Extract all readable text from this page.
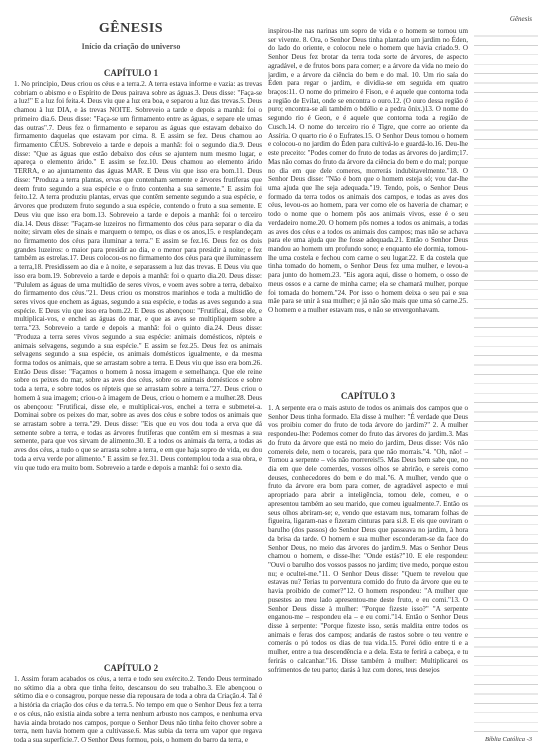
Gênesis
GÊNESIS
Início da criação do universo
CAPÍTULO 1

1. No princípio, Deus criou os céus e a terra.2. A terra estava informe e vazia: as trevas cobriam o abismo e o Espírito de Deus pairava sobre as águas.3. Deus disse: "Faça-se a luz!" E a luz foi feita.4. Deus viu que a luz era boa, e separou a luz das trevas.5. Deus chamou à luz DIA, e às trevas NOITE. Sobreveio a tarde e depois a manhã: foi o primeiro dia.6. Deus disse: "Faça-se um firmamento entre as águas, e separe ele umas das outras".7. Deus fez o firmamento e separou as águas que estavam debaixo do firmamento daquelas que estavam por cima. 8. E assim se fez. Deus chamou ao firmamento CÉUS. Sobreveio a tarde e depois a manhã: foi o segundo dia.9. Deus disse: "Que as águas que estão debaixo dos céus se ajuntem num mesmo lugar, e apareça o elemento árido." E assim se fez.10. Deus chamou ao elemento árido TERRA, e ao ajuntamento das águas MAR. E Deus viu que isso era bom.11. Deus disse: "Produza a terra plantas, ervas que contenham semente e árvores frutíferas que deem fruto segundo a sua espécie e o fruto contenha a sua semente." E assim foi feito.12. A terra produziu plantas, ervas que contêm semente segundo a sua espécie, e árvores que produzem fruto segundo a sua espécie, contendo o fruto a sua semente. E Deus viu que isso era bom.13. Sobreveio a tarde e depois a manhã: foi o terceiro dia.14. Deus disse: "Façam-se luzeiros no firmamento dos céus para separar o dia da noite; sirvam eles de sinais e marquem o tempo, os dias e os anos,15. e resplandeçam no firmamento dos céus para iluminar a terra." E assim se fez.16. Deus fez os dois grandes luzeiros: o maior para presidir ao dia, e o menor para presidir à noite; e fez também as estrelas.17. Deus colocou-os no firmamento dos céus para que iluminassem a terra,18. Presidissem ao dia e à noite, e separassem a luz das trevas. E Deus viu que isso era bom.19. Sobreveio a tarde e depois a manhã: foi o quarto dia.20. Deus disse: "Pululem as águas de uma multidão de seres vivos, e voem aves sobre a terra, debaixo do firmamento dos céus."21. Deus criou os monstros marinhos e toda a multidão de seres vivos que enchem as águas, segundo a sua espécie, e todas as aves segundo a sua espécie. E Deus viu que isso era bom.22. E Deus os abençoou: "Frutificai, disse ele, e multiplicai-vos, e enchei as águas do mar, e que as aves se multipliquem sobre a terra."23. Sobreveio a tarde e depois a manhã: foi o quinto dia.24. Deus disse: "Produza a terra seres vivos segundo a sua espécie: animais domésticos, répteis e animais selvagens, segundo a sua espécie." E assim se fez.25. Deus fez os animais selvagens segundo a sua espécie, os animais domésticos igualmente, e da mesma forma todos os animais, que se arrastam sobre a terra. E Deus viu que isso era bom.26. Então Deus disse: "Façamos o homem à nossa imagem e semelhança. Que ele reine sobre os peixes do mar, sobre as aves dos céus, sobre os animais domésticos e sobre toda a terra, e sobre todos os répteis que se arrastam sobre a terra."27. Deus criou o homem à sua imagem; criou-o à imagem de Deus, criou o homem e a mulher.28. Deus os abençoou: "Frutificai, disse ele, e multiplicai-vos, enchei a terra e submetei-a. Dominai sobre os peixes do mar, sobre as aves dos céus e sobre todos os animais que se arrastam sobre a terra."29. Deus disse: "Eis que eu vos dou toda a erva que dá semente sobre a terra, e todas as árvores frutíferas que contêm em si mesmas a sua semente, para que vos sirvam de alimento.30. E a todos os animais da terra, a todas as aves dos céus, a tudo o que se arrasta sobre a terra, e em que haja sopro de vida, eu dou toda a erva verde por alimento." E assim se fez.31. Deus contemplou toda a sua obra, e viu que tudo era muito bom. Sobreveio a tarde e depois a manhã: foi o sexto dia.

CAPÍTULO 2

1. Assim foram acabados os céus, a terra e todo seu exército.2. Tendo Deus terminado no sétimo dia a obra que tinha feito, descansou do seu trabalho.3. Ele abençoou o sétimo dia e o consagrou, porque nesse dia repousara de toda a obra da Criação.4. Tal é a história da criação dos céus e da terra.5. No tempo em que o Senhor Deus fez a terra e os céus, não existia ainda sobre a terra nenhum arbusto nos campos, e nenhuma erva havia ainda brotado nos campos, porque o Senhor Deus não tinha feito chover sobre a terra, nem havia homem que a cultivasse.6. Mas subia da terra um vapor que regava toda a sua superfície.7. O Senhor Deus formou, pois, o homem do barro da terra, e

inspirou-lhe nas narinas um sopro de vida e o homem se tornou um ser vivente. 8. Ora, o Senhor Deus tinha plantado um jardim no Éden, do lado do oriente, e colocou nele o homem que havia criado.9. O Senhor Deus fez brotar da terra toda sorte de árvores, de aspecto agradável, e de frutos bons para comer; e a árvore da vida no meio do jardim, e a árvore da ciência do bem e do mal. 10. Um rio saía do Éden para regar o jardim, e dividia-se em seguida em quatro braços:11. O nome do primeiro é Fison, e é aquele que contorna toda a região de Evilat, onde se encontra o ouro.12. (O ouro dessa região é puro; encontra-se ali também o bdélio e a pedra ônix.)13. O nome do segundo rio é Geon, e é aquele que contorna toda a região de Cusch.14. O nome do terceiro rio é Tigre, que corre ao oriente da Assíria. O quarto rio é o Eufrates.15. O Senhor Deus tomou o homem e colocou-o no jardim do Éden para cultivá-lo e guardá-lo.16. Deu-lhe este preceito: "Podes comer do fruto de todas as árvores do jardim;17. Mas não comas do fruto da árvore da ciência do bem e do mal; porque no dia em que dele comeres, morrerás indubitavelmente."18. O Senhor Deus disse: "Não é bom que o homem esteja só; vou dar-lhe uma ajuda que lhe seja adequada."19. Tendo, pois, o Senhor Deus formado da terra todos os animais dos campos, e todas as aves dos céus, levou-os ao homem, para ver como ele os haveria de chamar; e todo o nome que o homem pôs aos animais vivos, esse é o seu verdadeiro nome.20. O homem pôs nomes a todos os animais, a todas as aves dos céus e a todos os animais dos campos; mas não se achava para ele uma ajuda que lhe fosse adequada.21. Então o Senhor Deus mandou ao homem um profundo sono; e enquanto ele dormia, tomou-lhe uma costela e fechou com carne o seu lugar.22. E da costela que tinha tomado do homem, o Senhor Deus fez uma mulher, e levou-a para junto do homem.23. "Eis agora aqui, disse o homem, o osso de meus ossos e a carne de minha carne; ela se chamará mulher, porque foi tomada do homem."24. Por isso o homem deixa o seu pai e sua mãe para se unir à sua mulher; e já não são mais que uma só carne.25. O homem e a mulher estavam nus, e não se envergonhavam.

CAPÍTULO 3

1. A serpente era o mais astuto de todos os animais dos campos que o Senhor Deus tinha formado. Ela disse à mulher: "É verdade que Deus vos proibiu comer do fruto de toda árvore do jardim?" 2. A mulher respondeu-lhe: Podemos comer do fruto das árvores do jardim.3. Mas do fruto da árvore que está no meio do jardim, Deus disse: Vós não comereis dele, nem o tocareis, para que não morrais."4. "Oh, não! – Tornou a serpente – vós não morrereis!5. Mas Deus bem sabe que, no dia em que dele comerdes, vossos olhos se abrirão, e sereis como deuses, conhecedores do bem e do mal."6. A mulher, vendo que o fruto da árvore era bom para comer, de agradável aspecto e mui apropriado para abrir a inteligência, tomou dele, comeu, e o apresentou também ao seu marido, que comeu igualmente.7. Então os seus olhos abriram-se; e, vendo que estavam nus, tomaram folhas de figueira, ligaram-nas e fizeram cinturas para si.8. E eis que ouviram o barulho (dos passos) do Senhor Deus que passeava no jardim, à hora da brisa da tarde. O homem e sua mulher esconderam-se da face do Senhor Deus, no meio das árvores do jardim.9. Mas o Senhor Deus chamou o homem, e disse-lhe: "Onde estás?"10. E ele respondeu: "Ouvi o barulho dos vossos passos no jardim; tive medo, porque estou nu; e ocultei-me."11. O Senhor Deus disse: "Quem te revelou que estavas nu? Terias tu porventura comido do fruto da árvore que eu te havia proibido de comer?"12. O homem respondeu: "A mulher que pusestes ao meu lado apresentou-me deste fruto, e eu comi."13. O Senhor Deus disse à mulher: "Porque fizeste isso?" "A serpente enganou-me – respondeu ela – e eu comi."14. Então o Senhor Deus disse à serpente: "Porque fizeste isso, serás maldita entre todos os animais e feras dos campos; andarás de rastos sobre o teu ventre e comerás o pó todos os dias de tua vida.15. Porei ódio entre ti e a mulher, entre a tua descendência e a dela. Esta te ferirá a cabeça, e tu ferirás o calcanhar."16. Disse também à mulher: Multiplicarei os sofrimentos de teu parto; darás à luz com dores, teus desejos

Bíblia Católica -3
